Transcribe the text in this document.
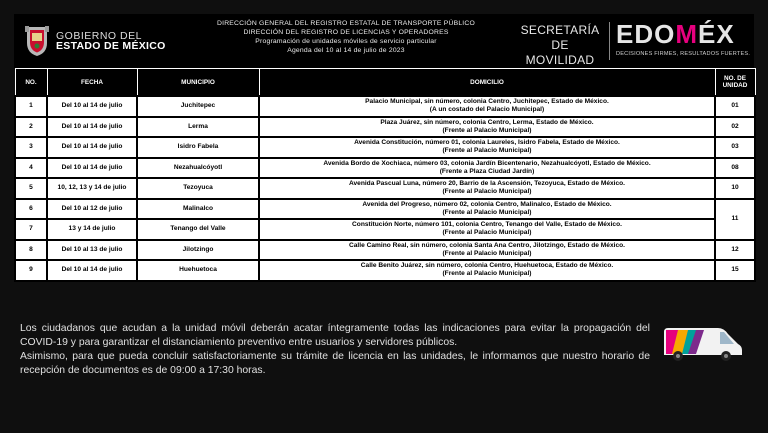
GOBIERNO DEL
ESTADO DE MÉXICO
DIRECCIÓN GENERAL DEL REGISTRO ESTATAL DE TRANSPORTE PÚBLICO
DIRECCIÓN DEL REGISTRO DE LICENCIAS Y OPERADORES
Programación de unidades móviles de servicio particular
Agenda del 10 al 14 de julio de 2023
SECRETARÍA DE
MOVILIDAD
EDOMÉX
DECISIONES FIRMES, RESULTADOS FUERTES.
NO.	FECHA	MUNICIPIO	DOMICILIO	NO. DE UNIDAD
1	Del 10 al 14 de julio	Juchitepec	Palacio Municipal, sin número, colonia Centro, Juchitepec, Estado de México.
(A un costado del Palacio Municipal)	01
2	Del 10 al 14 de julio	Lerma	Plaza Juárez, sin número, colonia Centro, Lerma, Estado de México.
(Frente al Palacio Municipal)	02
3	Del 10 al 14 de julio	Isidro Fabela	Avenida Constitución, número 01, colonia Laureles, Isidro Fabela, Estado de México.
(Frente al Palacio Municipal)	03
4	Del 10 al 14 de julio	Nezahualcóyotl	Avenida Bordo de Xochiaca, número 03, colonia Jardín Bicentenario, Nezahualcóyotl, Estado de México.
(Frente a Plaza Ciudad Jardín)	08
5	10, 12, 13 y 14 de julio	Tezoyuca	Avenida Pascual Luna, número 20, Barrio de la Ascensión, Tezoyuca, Estado de México.
(Frente al Palacio Municipal)	10
6	Del 10 al 12 de julio	Malinalco	Avenida del Progreso, número 02, colonia Centro, Malinalco, Estado de México.
(Frente al Palacio Municipal)	11
7	13 y 14 de julio	Tenango del Valle	Constitución Norte, número 101, colonia Centro, Tenango del Valle, Estado de México.
(Frente al Palacio Municipal)	

8	Del 10 al 13 de julio	Jilotzingo	Calle Camino Real, sin número, colonia Santa Ana Centro, Jilotzingo, Estado de México.
(Frente al Palacio Municipal)	12
9	Del 10 al 14 de julio	Huehuetoca	Calle Benito Juárez, sin número, colonia Centro, Huehuetoca, Estado de México.
(Frente al Palacio Municipal)	15

Los ciudadanos que acudan a la unidad móvil deberán acatar íntegramente todas las indicaciones para evitar la propagación del COVID-19 y para garantizar el distanciamiento preventivo entre usuarios y servidores públicos.

Asimismo, para que pueda concluir satisfactoriamente su trámite de licencia en las unidades, le informamos que nuestro horario de recepción de documentos es de 09:00 a 17:30 horas.
